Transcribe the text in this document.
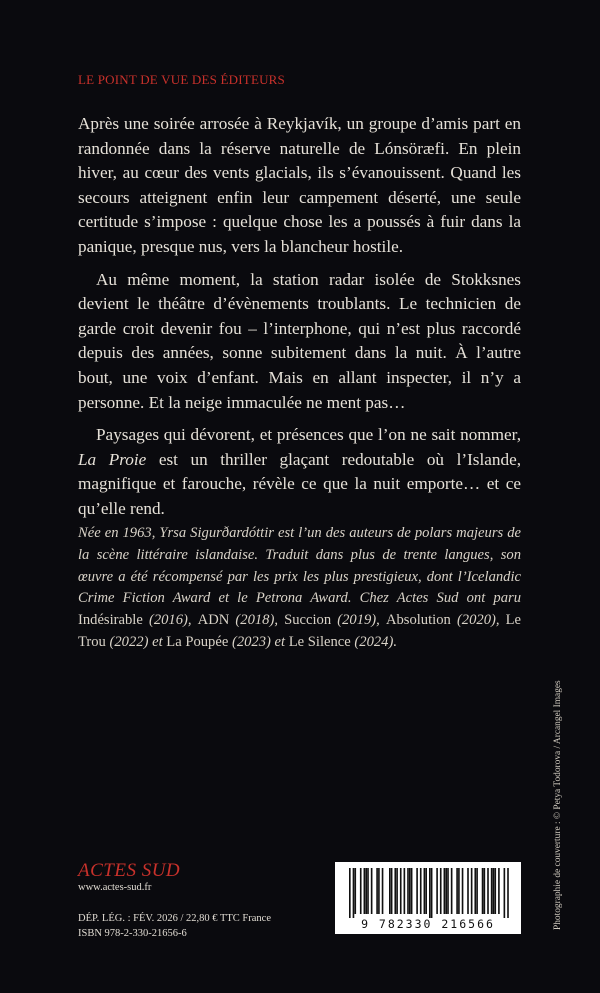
LE POINT DE VUE DES ÉDITEURS

Après une soirée arrosée à Reykjavík, un groupe d’amis part en randonnée dans la réserve naturelle de Lónsöræfi. En plein hiver, au cœur des vents glacials, ils s’évanouissent. Quand les secours atteignent enfin leur campement déserté, une seule certitude s’impose : quelque chose les a poussés à fuir dans la panique, presque nus, vers la blancheur hostile.

Au même moment, la station radar isolée de Stokksnes devient le théâtre d’évènements troublants. Le technicien de garde croit devenir fou – l’interphone, qui n’est plus raccordé depuis des années, sonne subitement dans la nuit. À l’autre bout, une voix d’enfant. Mais en allant inspecter, il n’y a personne. Et la neige immaculée ne ment pas…

Paysages qui dévorent, et présences que l’on ne sait nommer, La Proie est un thriller glaçant redoutable où l’Islande, magnifique et farouche, révèle ce que la nuit emporte… et ce qu’elle rend.

Née en 1963, Yrsa Sigurðardóttir est l’un des auteurs de polars majeurs de la scène littéraire islandaise. Traduit dans plus de trente langues, son œuvre a été récompensé par les prix les plus prestigieux, dont l’Icelandic Crime Fiction Award et le Petrona Award. Chez Actes Sud ont paru Indésirable (2016), ADN (2018), Succion (2019), Absolution (2020), Le Trou (2022) et La Poupée (2023) et Le Silence (2024).
ACTES SUD
www.actes-sud.fr
DÉP. LÉG. : FÉV. 2026 / 22,80 € TTC France
ISBN 978-2-330-21656-6
9 782330 216566	Photographie de couverture : © Petya Todorova / Arcangel Images
